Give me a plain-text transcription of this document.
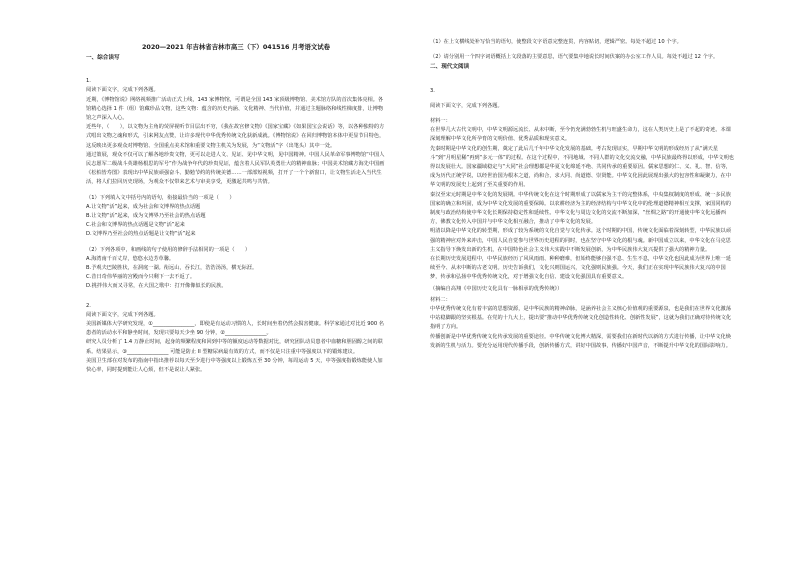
2020—2021 年吉林省吉林市高三（下）041516 月考语文试卷
一、综合读写

1.

阅读下面文字，完成下列各题。

近期，《博物馆说》网络视频推广活动正式上线，143 家博物馆，可谓是全国 143 家顶级博物馆、美术馆方队的首次集体亮相。各馆精心选择 1 件（组）馆藏珍品文物，这些文物：蕴含的历史内涵、文化精神、当代价值，并通过主题脉络和线性梯度排，让博物馆之声深入人心。

近些年，（　　），以文物为主角的荧屏视听节目层出不穷，《我在故宫修文物》《国家宝藏》《如果国宝会说话》等，以各种独特的方式唱出文物之魂和形式，引来网友点赞，让许多现代中华优秀传统文化获新成就。《博物馆说》在回归博物馆本体中更显节目特色，这反映出更多观众对博物馆、全国重点美术馆和重要文物主机关为发展，为“文物活”字（出笔头）其中一处。

通过策展，观众不仅可以了解各地珍贵文物，更可以走进人文、见证、见中华文明，见中国精神。中国人民革命军事博物馆“中国人民志愿军二级战斗英雄杨根思的军号”作为战争年代的珍贵见证，蕴含着人民军队英勇壮大的精神血脉；中国美术馆藏方海先中国画《松柏皆寿图》表现出中华民族顽强奋斗、勤勉节约的传统美德……一部部短视频，打开了一个个新窗口，让文物生活走入当代生活，将人们拉回历史现场，为观众不仅带来艺术与审美享受，更激起共鸣与共情。

（1）下列填入文中括号内的语句，衔接最恰当的一项是（　　）

A.让文物“活”起来，成为社会和文博界的热点话题

B.让文物“活”起来，成为文博界乃至社会的热点话题

C.社会和文博界的热点话题是文物“活”起来

D.文博界乃至社会的热点话题是让文物“活”起来

（2）下列各项中，和画线的句子使用的修辞手法相同的一项是（　　）

A.海湾南千百丈岸，悠悠水边芳草馨。

B.予观夫巴陵胜状，在洞庭一湖。衔远山，吞长江，浩浩汤汤，横无际涯。

C.昔日奇伟华丽的宫殿而今只剩下一去不返了。

D.挑拌伟大而又寻常，在大国之歌中：打开像像似长的民族。

2.

阅读下面文字，完成下列各题。

美国新媒体大学研究发现，①________________，即使是有运动习惯的人，长时间坐着仍然会损害健康。科学家通过对比近 900 名患者的活动水平和静坐时间，发现只要每天少坐 90 分钟，②________________。

研究人员分析了 1.4 万静止时间，起身的频繁程度和回到中等的额度运动等数据对比，研究团队动员患者中血糖和胆固醇之间的联系。结果显示，③________________ 可能是防止 II 型糖尿病最有效的方式，而不仅是只注重中等强度以下的锻炼建议。

美国卫生部在对发布的指南中指出推荐以每天至少进行中等强度以上锻炼五至 30 分钟，每周运动 5 天，中等强度指锻炼能使人加快心率，同时提到能让人心烦，但不是说让人紧张。

（1）在上文横线处补写恰当的语句，使整段文字语意完整连贯，内容贴切，逻辑严密。每处不超过 10 个字。

（2）请分别用一个四字词语概括上文段落的主要意思，语气要集中地说长时间伏案的办公室工作人员。每处不超过 12 个字。

二、现代文阅读

3.

阅读下面文字，完成下列各题。

材料一：

在世界几大古代文明中，中华文明源远流长、从未中断，至今仍充满勃勃生机与旺盛生命力，这在人类历史上是了不起的奇迹。本课深刻理解中华文化所孕育的文明价值、优秀品质和现实意义。

先秦时期是中华文化的创生期，奠定了此后几千年中华文化发展的基础。考古发现证实，早期中华文明的形成经历了从“满天星斗”到“月明星稀”再到“多元一体”的过程。在这个过程中，不同地域、不同人群的文化交流交融，中华民族最终得以形成，中华文明也得以发展壮大。国家疆域稳定与“大同”社会理想都是华夏文化绵延不绝、共同传承的重要原因。儒家思想的仁、义、礼、智、信等，成为历代正统学说，以经世治国为根本之道，尚和合，求大同、尚道德、崇贤能。中华文化因此展现出强大的包容性和凝聚力，在中华文明的发展史上起到了至关重要的作用。

秦汉至宋元时期是中华文化的发展期。中华传统文化在这个时期形成了以儒家为主干的完整体系，中央集权制度的形成、统一多民族国家的确立和巩固，成为中华文化发展的重要保障。以农耕经济为主的经济结构与中华文化中的伦理道德精神相互支撑，家国同构的制度与政治结构使中华文化长期保持稳定性和延续性。中华文化与周边文化的交流不断加深，“丝绸之路”的开通使中华文化远播西方，佛教文化传入中国并与中华文化相互融合，推动了中华文化的发展。

明清以降是中华文化的转型期，形成了较为系统的文化自觉与文化传承。这个时期的中国，传统文化面临着深刻转型，中华民族以顽强的精神应对外来冲击，中国人民自觉参与世界历史进程的同时，也在坚守中华文化的根与魂。新中国成立以来，中华文化在马克思主义指导下焕发出新的生机，在中国特色社会主义伟大实践中不断发展创新，为中华民族伟大复兴提供了强大的精神力量。

在长期历史发展进程中，中华民族经历了风风雨雨、种种磨难，但始终能够自强不息、生生不息，中华文化也因此成为世界上唯一延续至今、从未中断的古老文明。历史告诉我们，文化兴则国运兴，文化强则民族强。今天，我们正在实现中华民族伟大复兴的中国梦，传承和弘扬中华优秀传统文化，对于增强文化自信、建设文化强国具有重要意义。

（摘编自高翔《中国历史文化具有一脉相承的优秀传统》）

材料二：

中华优秀传统文化有着丰富的思想资源，是中华民族的精神命脉，是涵养社会主义核心价值观的重要源泉，也是我们在世界文化激荡中站稳脚跟的坚实根基。在党的十九大上，提出要“推动中华优秀传统文化创造性转化、创新性发展”，这就为我们正确对待传统文化指明了方向。

传播创新是中华优秀传统文化传承发展的重要途径。中华传统文化博大精深，需要我们在新时代以新的方式进行传播，让中华文化焕发新的生机与活力。要充分运用现代传播手段，创新传播方式，讲好中国故事，传播好中国声音，不断提升中华文化的国际影响力。
